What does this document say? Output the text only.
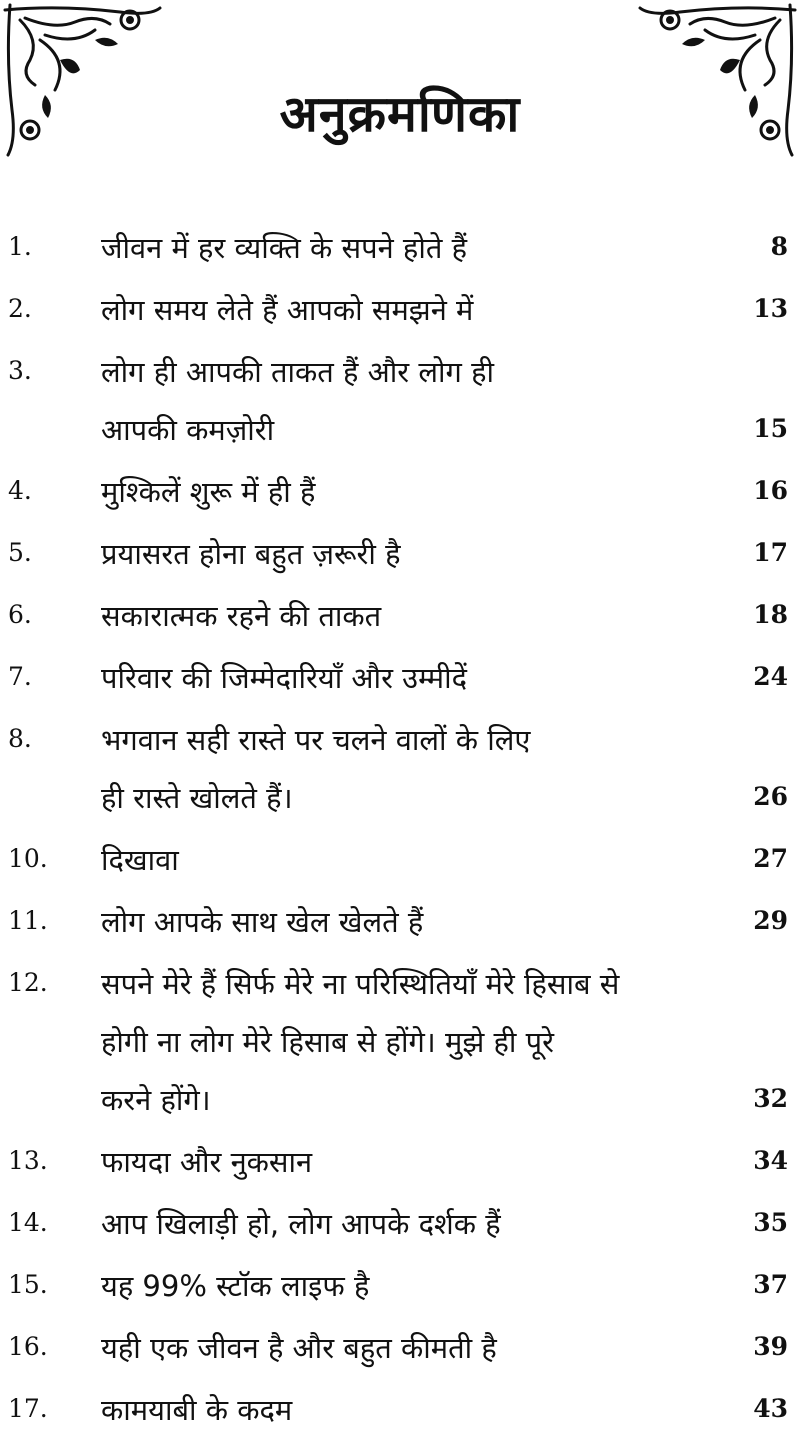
अनुक्रमणिका
1. जीवन में हर व्यक्ति के सपने होते हैं	8
2. लोग समय लेते हैं आपको समझने में	13
3. लोग ही आपकी ताकत हैं और लोग ही
आपकी कमज़ोरी	15
4. मुश्किलें शुरू में ही हैं	16
5. प्रयासरत होना बहुत ज़रूरी है	17
6. सकारात्मक रहने की ताकत	18
7. परिवार की जिम्मेदारियाँ और उम्मीदें	24
8. भगवान सही रास्ते पर चलने वालों के लिए
ही रास्ते खोलते हैं।	26
10. दिखावा	27
11. लोग आपके साथ खेल खेलते हैं	29
12. सपने मेरे हैं सिर्फ मेरे ना परिस्थितियाँ मेरे हिसाब से
होगी ना लोग मेरे हिसाब से होंगे। मुझे ही पूरे
करने होंगे।	32
13. फायदा और नुकसान	34
14. आप खिलाड़ी हो, लोग आपके दर्शक हैं	35
15. यह 99% स्टॉक लाइफ है	37
16. यही एक जीवन है और बहुत कीमती है	39
17. कामयाबी के कदम	43
